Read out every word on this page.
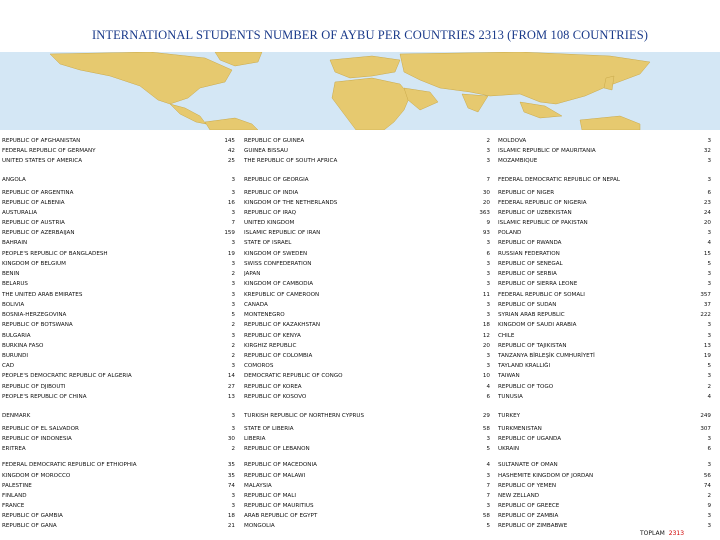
INTERNATIONAL STUDENTS NUMBER OF AYBU PER COUNTRIES 2313 (FROM 108 COUNTRIES)
REPUBLIC OF AFGHANISTAN	145 REPUBLIC OF GUINEA	2 MOLDOVA	3
FEDERAL REPUBLIC OF GERMANY	42 GUINEA BISSAU	3 ISLAMIC REPUBLIC OF MAURITANIA	32
UNITED STATES OF AMERICA	25 THE REPUBLIC OF SOUTH AFRICA	3 MOZAMBIQUE	3
ANGOLA	3 REPUBLIC OF GEORGIA	7 FEDERAL DEMOCRATIC REPUBLIC OF NEPAL	3
REPUBLIC OF ARGENTINA	3 REPUBLIC OF INDIA	30 REPUBLIC OF NIGER	6
REPUBLIC OF ALBENIA	16 KINGDOM OF THE NETHERLANDS	20 FEDERAL REPUBLIC OF NIGERIA	23
AUSTURALIA	3 REPUBLIC OF IRAQ	363 REPUBLIC OF UZBEKISTAN	24
REPUBLIC OF AUSTRIA	7 UNITED KINGDOM	9 ISLAMIC REPUBLIC OF PAKISTAN	20
REPUBLIC OF AZERBAIJAN	159 ISLAMIC REPUBLIC OF IRAN	93 POLAND	3
BAHRAIN	3 STATE OF ISRAEL	3 REPUBLIC OF RWANDA	4
PEOPLE'S REPUBLIC OF BANGLADESH	19 KINGDOM OF SWEDEN	6 RUSSIAN FEDERATION	15
KINGDOM OF BELGIUM	3 SWISS CONFEDERATION	3 REPUBLIC OF SENEGAL	5
BENIN	2 JAPAN	3 REPUBLIC OF SERBIA	3
BELARUS	3 KINGDOM OF CAMBODIA	3 REPUBLIC OF SIERRA LEONE	3
THE UNITED ARAB EMIRATES	3 KREPUBLIC OF CAMEROON	11 FEDERAL REPUBLIC OF SOMALI	357
BOLIVIA	3 CANADA	3 REPUBLIC OF SUDAN	37
BOSNIA-HERZEGOVINA	5 MONTENEGRO	3 SYRIAN ARAB REPUBLIC	222
REPUBLIC OF BOTSWANA	2 REPUBLIC OF KAZAKHSTAN	18 KINGDOM OF SAUDI ARABIA	3
BULGARIA	3 REPUBLIC OF KENYA	12 CHILE	3
BURKINA FASO	2 KIRGHIZ REPUBLIC	20 REPUBLIC OF TAJIKISTAN	13
BURUNDI	2 REPUBLIC OF COLOMBIA	3 TANZANYA BİRLEŞİK CUMHURİYETİ	19
CAD	3 COMOROS	3 TAYLAND KRALLIĞI	5
PEOPLE'S DEMOCRATIC REPUBLIC OF ALGERIA	14 DEMOCRATIC REPUBLIC OF CONGO	10 TAIWAN	3
REPUBLIC OF DJIBOUTI	27 REPUBLIC OF KOREA	4 REPUBLIC OF TOGO	2
PEOPLE'S REPUBLIC OF CHINA	13 REPUBLIC OF KOSOVO	6 TUNUSIA	4
DENMARK	3 TURKISH REPUBLIC OF NORTHERN CYPRUS	29 TURKEY	249
REPUBLIC OF EL SALVADOR	3 STATE OF LIBERIA	58 TURKMENISTAN	307
REPUBLIC OF INDONESIA	30 LIBERIA	3 REPUBLIC OF UGANDA	3
ERITREA	2 REPUBLIC OF LEBANON	5 UKRAIN	6
FEDERAL DEMOCRATIC REPUBLIC OF ETHIOPHIA	35 REPUBLIC OF MACEDONIA	4 SULTANATE OF OMAN	3
KINGDOM OF MOROCCO	35 REPUBLIC OF MALAWI	3 HASHEMITE KINGDOM OF JORDAN	56
PALESTINE	74 MALAYSIA	7 REPUBLIC OF YEMEN	74
FINLAND	3 REPUBLIC OF MALI	7 NEW ZELLAND	2
FRANCE	3 REPUBLIC OF MAURITIUS	3 REPUBLIC OF GREECE	9
REPUBLIC OF GAMBIA	18 ARAB REPUBLIC OF EGYPT	58 REPUBLIC OF ZAMBIA	3
REPUBLIC OF GANA	21 MONGOLIA	5 REPUBLIC OF ZIMBABWE	3
TOPLAM 2313
